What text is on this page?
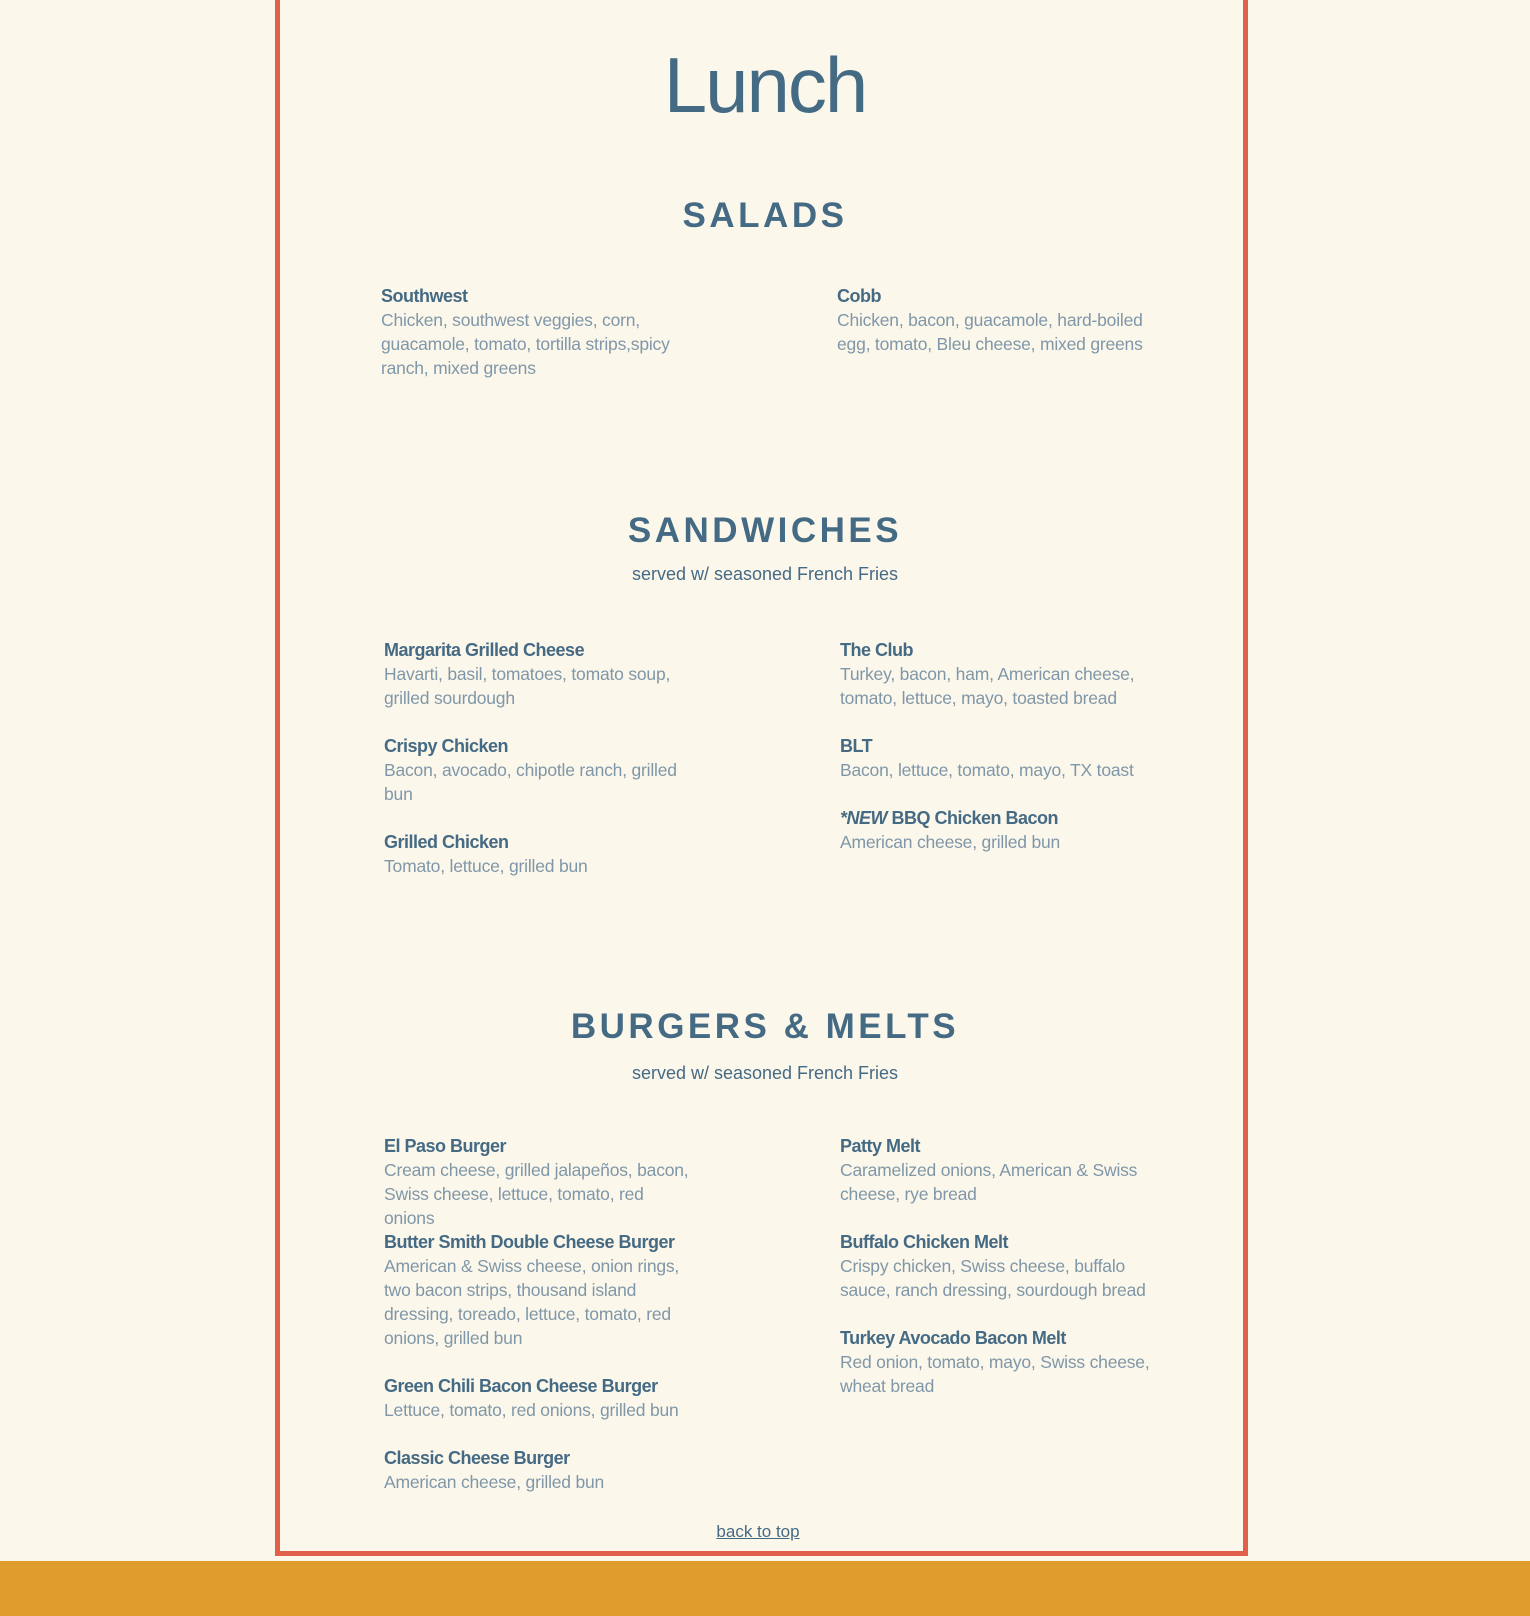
Lunch
SALADS
Southwest
Chicken, southwest veggies, corn, guacamole, tomato, tortilla strips,spicy ranch, mixed greens
Cobb
Chicken, bacon, guacamole, hard-boiled egg, tomato, Bleu cheese, mixed greens
SANDWICHES
served w/ seasoned French Fries
Margarita Grilled Cheese
Havarti, basil, tomatoes, tomato soup, grilled sourdough
The Club
Turkey, bacon, ham, American cheese, tomato, lettuce, mayo, toasted bread
Crispy Chicken
Bacon, avocado, chipotle ranch, grilled bun
BLT
Bacon, lettuce, tomato, mayo, TX toast
Grilled Chicken
Tomato, lettuce, grilled bun
*NEW BBQ Chicken Bacon
American cheese, grilled bun
BURGERS & MELTS
served w/ seasoned French Fries
El Paso Burger
Cream cheese, grilled jalapeños, bacon, Swiss cheese, lettuce, tomato, red onions
Patty Melt
Caramelized onions, American & Swiss cheese, rye bread
Butter Smith Double Cheese Burger
American & Swiss cheese, onion rings, two bacon strips, thousand island dressing, toreado, lettuce, tomato, red onions, grilled bun
Buffalo Chicken Melt
Crispy chicken, Swiss cheese, buffalo sauce, ranch dressing, sourdough bread
Green Chili Bacon Cheese Burger
Lettuce, tomato, red onions, grilled bun
Turkey Avocado Bacon Melt
Red onion, tomato, mayo, Swiss cheese, wheat bread
Classic Cheese Burger
American cheese, grilled bun
back to top
